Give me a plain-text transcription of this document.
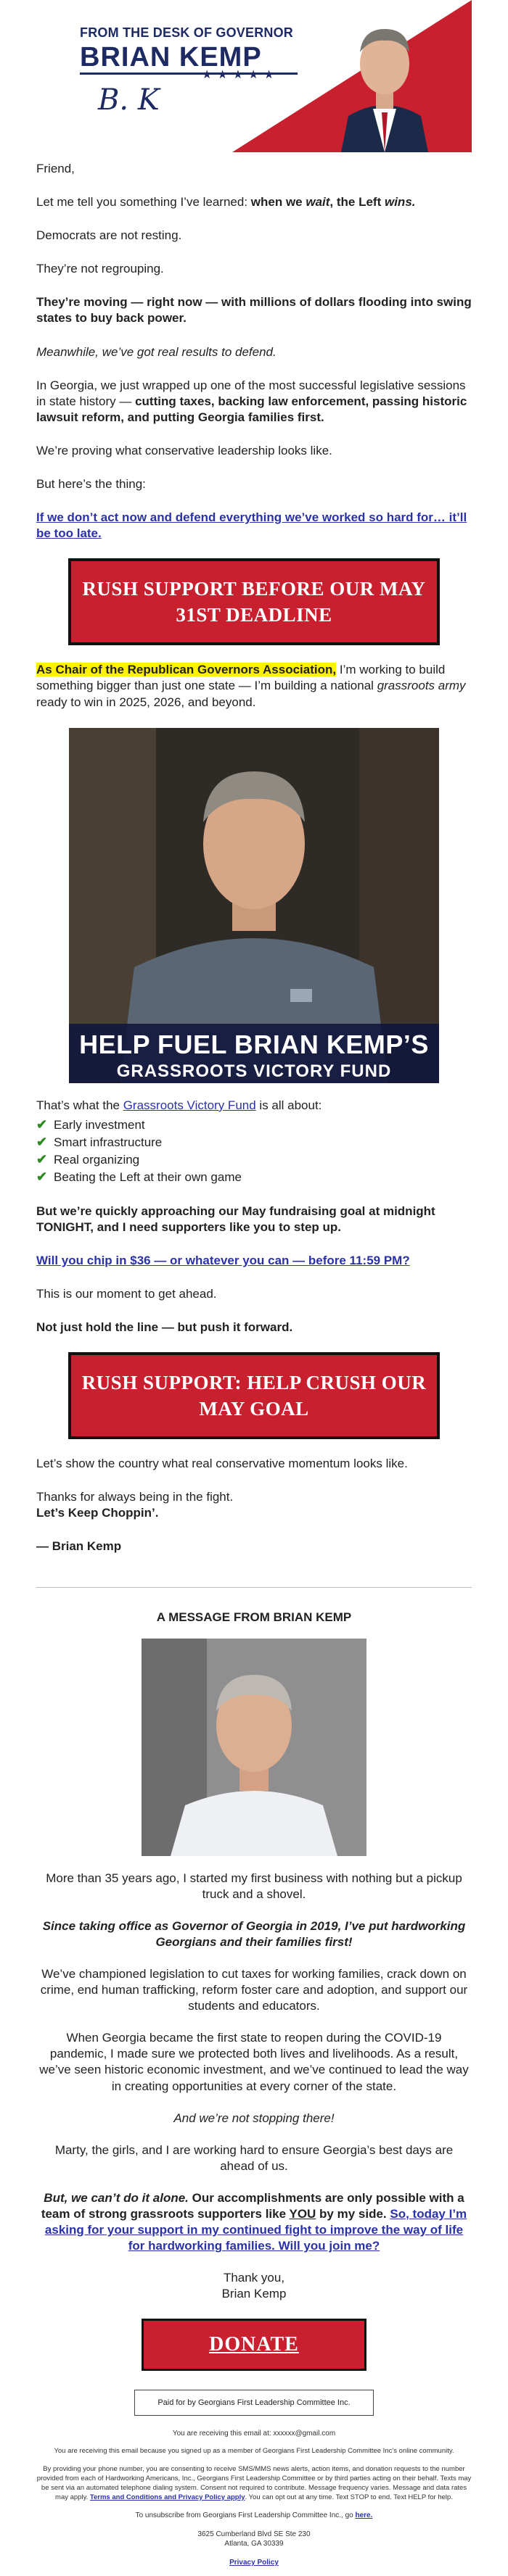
FROM THE DESK OF GOVERNOR
BRIAN KEMP
B. K
★★★★★

Friend,

Let me tell you something I’ve learned: when we wait, the Left wins.

Democrats are not resting.

They’re not regrouping.

They’re moving — right now — with millions of dollars flooding into swing states to buy back power.

Meanwhile, we’ve got real results to defend.

In Georgia, we just wrapped up one of the most successful legislative sessions in state history — cutting taxes, backing law enforcement, passing historic lawsuit reform, and putting Georgia families first.

We’re proving what conservative leadership looks like.

But here’s the thing:

If we don’t act now and defend everything we’ve worked so hard for… it’ll be too late.

RUSH SUPPORT BEFORE OUR MAY 31ST DEADLINE

As Chair of the Republican Governors Association, I’m working to build something bigger than just one state — I’m building a national grassroots army ready to win in 2025, 2026, and beyond.

HELP FUEL BRIAN KEMP’S
GRASSROOTS VICTORY FUND

That’s what the Grassroots Victory Fund is all about:

✔ Early investment
✔ Smart infrastructure
✔ Real organizing
✔ Beating the Left at their own game

But we’re quickly approaching our May fundraising goal at midnight TONIGHT, and I need supporters like you to step up.

Will you chip in $36 — or whatever you can — before 11:59 PM?

This is our moment to get ahead.

Not just hold the line — but push it forward.

RUSH SUPPORT: HELP CRUSH OUR MAY GOAL

Let’s show the country what real conservative momentum looks like.

Thanks for always being in the fight.
Let’s Keep Choppin’.

— Brian Kemp

A MESSAGE FROM BRIAN KEMP

More than 35 years ago, I started my first business with nothing but a pickup truck and a shovel.

Since taking office as Governor of Georgia in 2019, I’ve put hardworking Georgians and their families first!

We’ve championed legislation to cut taxes for working families, crack down on crime, end human trafficking, reform foster care and adoption, and support our students and educators.

When Georgia became the first state to reopen during the COVID-19 pandemic, I made sure we protected both lives and livelihoods. As a result, we’ve seen historic economic investment, and we’ve continued to lead the way in creating opportunities at every corner of the state.

And we’re not stopping there!

Marty, the girls, and I are working hard to ensure Georgia’s best days are ahead of us.

But, we can’t do it alone. Our accomplishments are only possible with a team of strong grassroots supporters like YOU by my side. So, today I’m asking for your support in my continued fight to improve the way of life for hardworking families. Will you join me?

Thank you,
Brian Kemp

DONATE
Paid for by Georgians First Leadership Committee Inc.

You are receiving this email at: xxxxxx@gmail.com

You are receiving this email because you signed up as a member of Georgians First Leadership Committee Inc’s online community.

By providing your phone number, you are consenting to receive SMS/MMS news alerts, action items, and donation requests to the number provided from each of Hardworking Americans, Inc., Georgians First Leadership Committee or by third parties acting on their behalf. Texts may be sent via an automated telephone dialing system. Consent not required to contribute. Message frequency varies. Message and data rates may apply. Terms and Conditions and Privacy Policy apply. You can opt out at any time. Text STOP to end. Text HELP for help.

To unsubscribe from Georgians First Leadership Committee Inc., go here.

3625 Cumberland Blvd SE Ste 230
Atlanta, GA 30339

Privacy Policy
